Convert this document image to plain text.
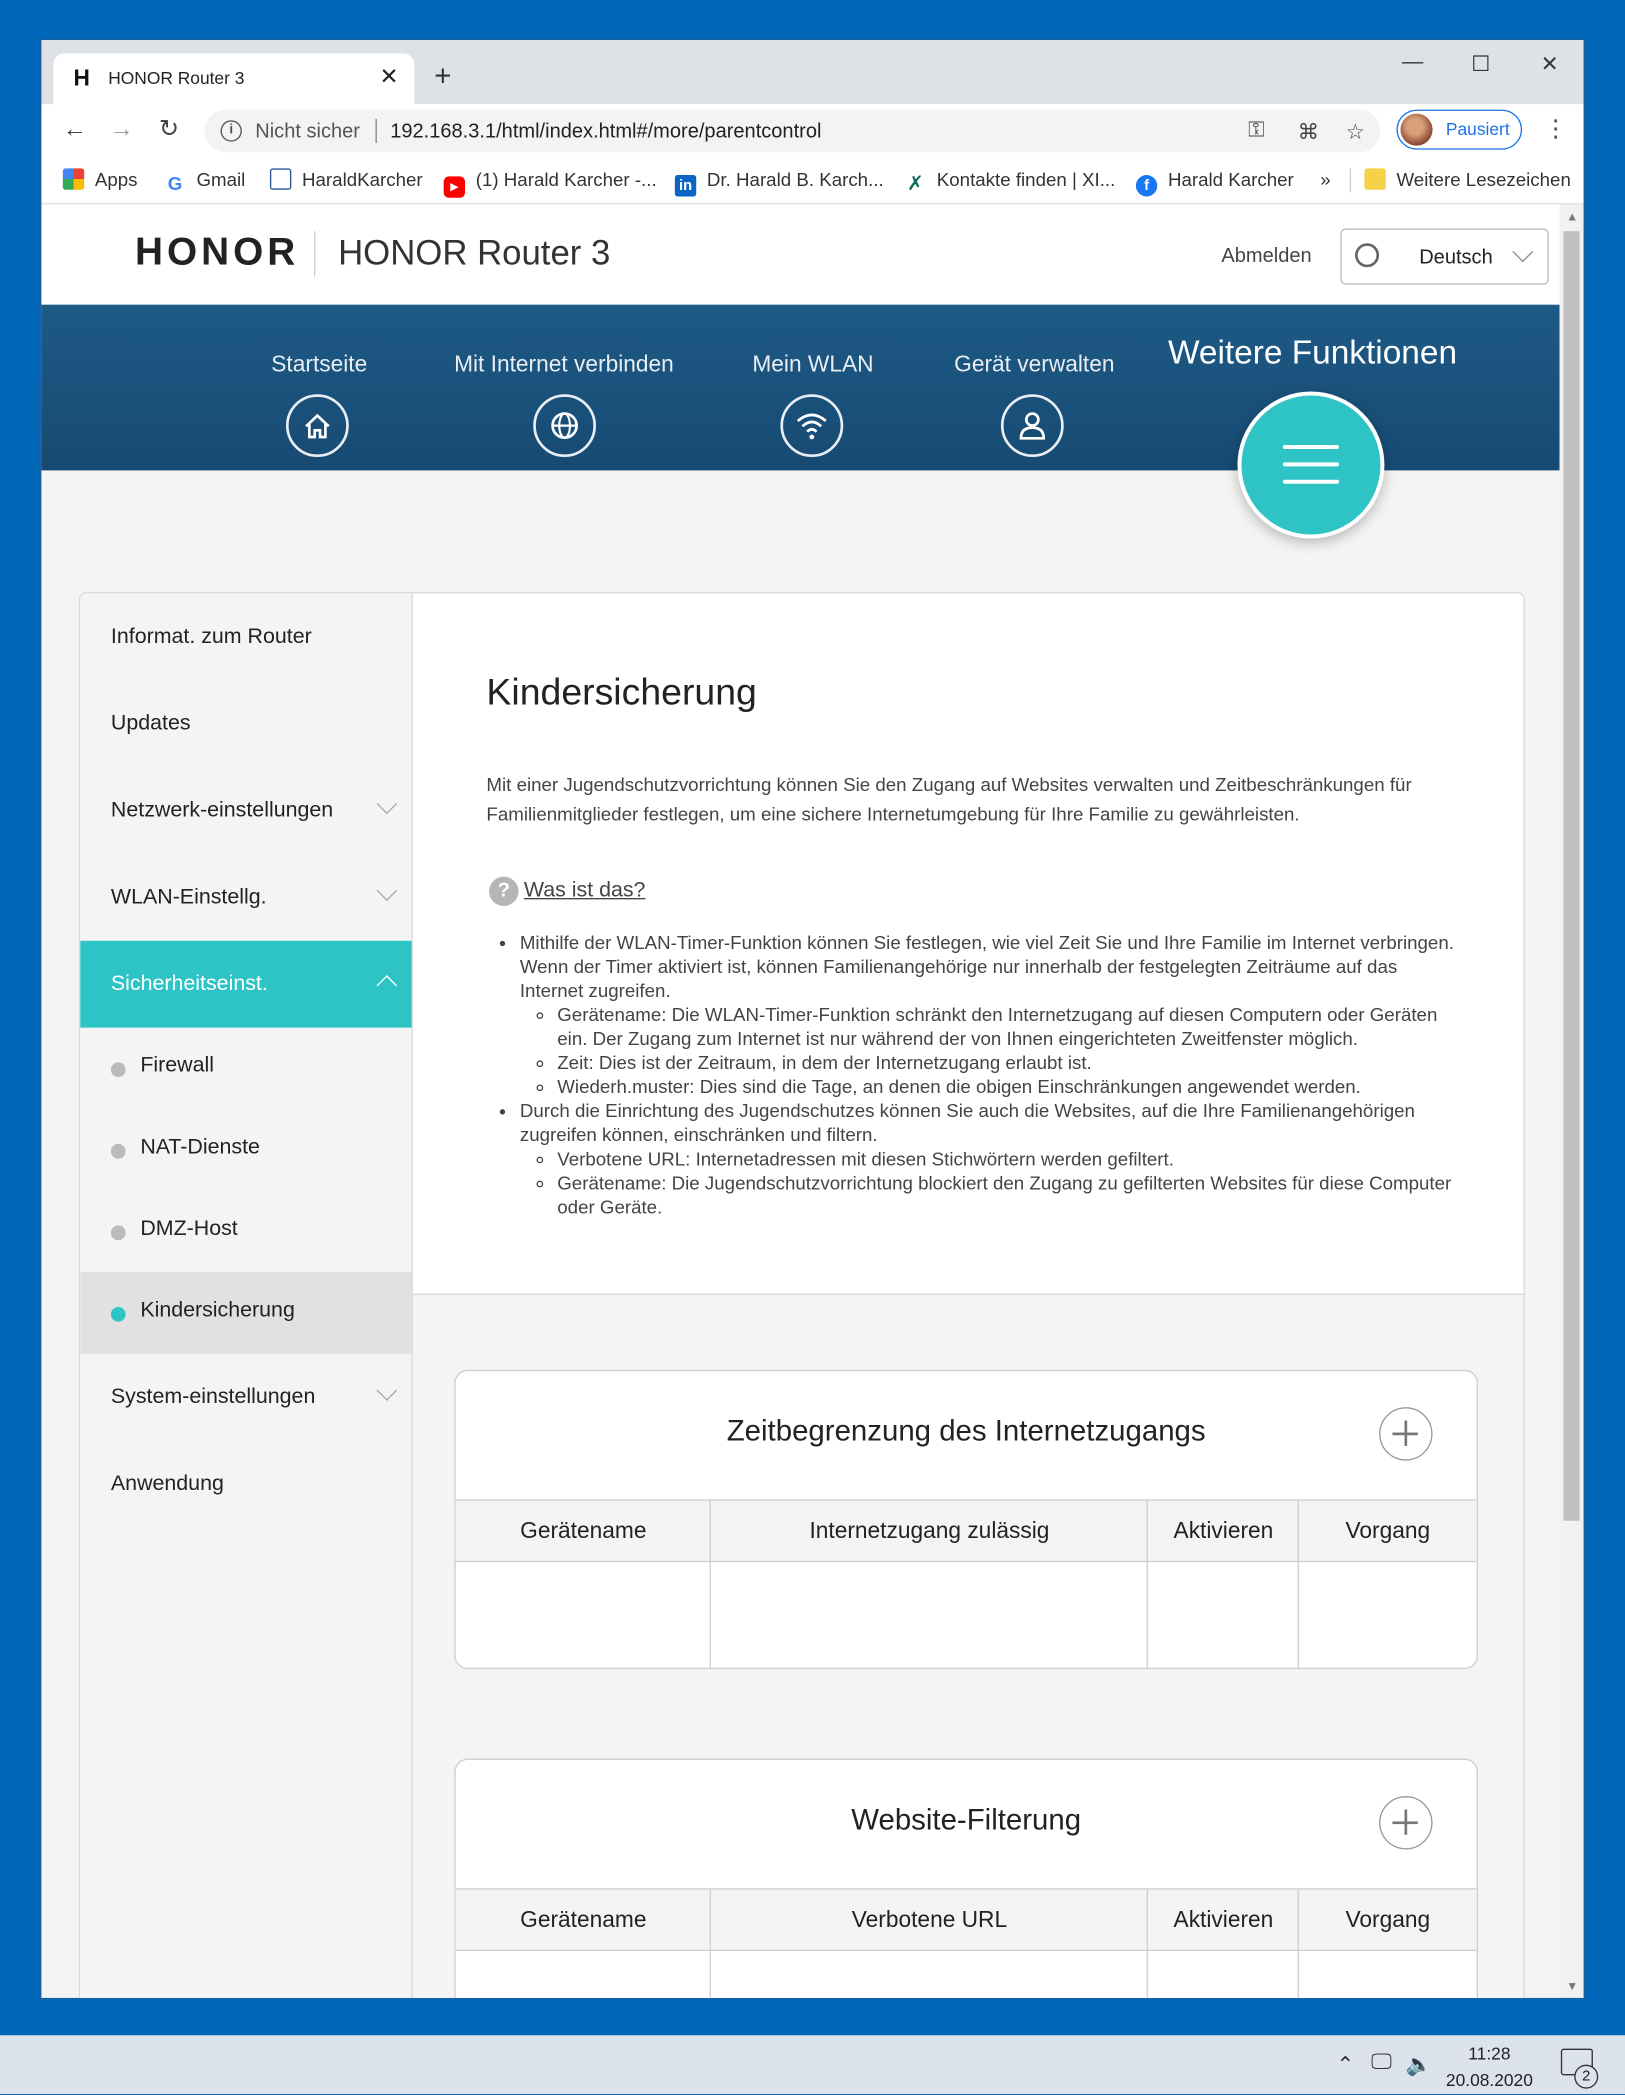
H HONOR Router 3	✕ +	—	☐	✕
← → ↻	i	Nicht sicher 192.168.3.1/html/index.html#/more/parentcontrol	⚿ ⌘ ☆	Pausiert ⋮
Apps G Gmail	HaraldKarcher	▶ (1) Harald Karcher -...	in Dr. Harald B. Karch... ✗ Kontakte finden | XI...	f Harald Karcher »	Weitere Lesezeichen
HONOR HONOR Router 3	Abmelden	Deutsch
Startseite	Mit Internet verbinden	Mein WLAN	Gerät verwalten Weitere Funktionen
Informat. zum Router
Updates
Netzwerk-einstellungen
WLAN-Einstellg.
Sicherheitseinst.
Firewall
NAT-Dienste
DMZ-Host
Kindersicherung
System-einstellungen
Anwendung
Kindersicherung
Mit einer Jugendschutzvorrichtung können Sie den Zugang auf Websites verwalten und Zeitbeschränkungen für Familienmitglieder festlegen, um eine sichere Internetumgebung für Ihre Familie zu gewährleisten.
? Was ist das?
• Mithilfe der WLAN-Timer-Funktion können Sie festlegen, wie viel Zeit Sie und Ihre Familie im Internet verbringen. Wenn der Timer aktiviert ist, können Familienangehörige nur innerhalb der festgelegten Zeiträume auf das Internet zugreifen.
◦ Gerätename: Die WLAN-Timer-Funktion schränkt den Internetzugang auf diesen Computern oder Geräten ein. Der Zugang zum Internet ist nur während der von Ihnen eingerichteten Zweitfenster möglich.
◦ Zeit: Dies ist der Zeitraum, in dem der Internetzugang erlaubt ist.
◦ Wiederh.muster: Dies sind die Tage, an denen die obigen Einschränkungen angewendet werden.
• Durch die Einrichtung des Jugendschutzes können Sie auch die Websites, auf die Ihre Familienangehörigen zugreifen können, einschränken und filtern.
◦ Verbotene URL: Internetadressen mit diesen Stichwörtern werden gefiltert.
◦ Gerätename: Die Jugendschutzvorrichtung blockiert den Zugang zu gefilterten Websites für diese Computer oder Geräte.
Zeitbegrenzung des Internetzugangs
Gerätename	Internetzugang zulässig	Aktivieren	Vorgang
Website-Filterung
Gerätename	Verbotene URL	Aktivieren	Vorgang
▲
▼
⌃ 🖵 🔈
11:28
20.08.2020	2
